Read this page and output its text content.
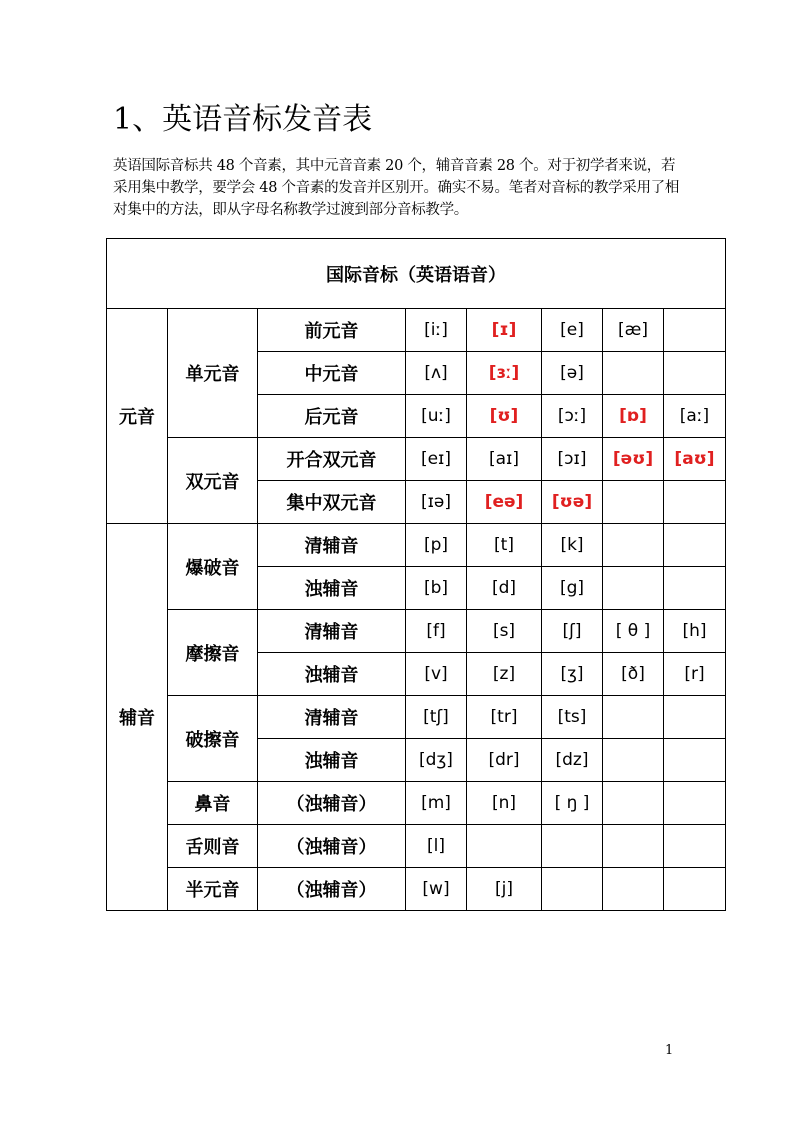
1、英语音标发音表

英语国际音标共 48 个音素，其中元音音素 20 个，辅音音素 28 个。对于初学者来说，若采用集中教学，要学会 48 个音素的发音并区别开。确实不易。笔者对音标的教学采用了相对集中的方法，即从字母名称教学过渡到部分音标教学。

国际音标（英语语音）							
元音	单元音	前元音	[iː]	[ɪ]	[e]	[æ]	
		中元音	[ʌ]	[ɜː]	[ə]		
		后元音	[uː]	[ʊ]	[ɔː]	[ɒ]	[aː]
	双元音	开合双元音	[eɪ]	[aɪ]	[ɔɪ]	[əʊ]	[aʊ]
		集中双元音	[ɪə]	[eə]	[ʊə]		
辅音	爆破音	清辅音	[p]	[t]	[k]		
		浊辅音	[b]	[d]	[g]		
	摩擦音	清辅音	[f]	[s]	[ʃ]	[ θ ]	[h]
		浊辅音	[v]	[z]	[ʒ]	[ð]	[r]
	破擦音	清辅音	[tʃ]	[tr]	[ts]		
		浊辅音	[dʒ]	[dr]	[dz]		
	鼻音	（浊辅音）	[m]	[n]	[ ŋ ]		
	舌则音	（浊辅音）	[l]				
	半元音	（浊辅音）	[w]	[j]			

1
